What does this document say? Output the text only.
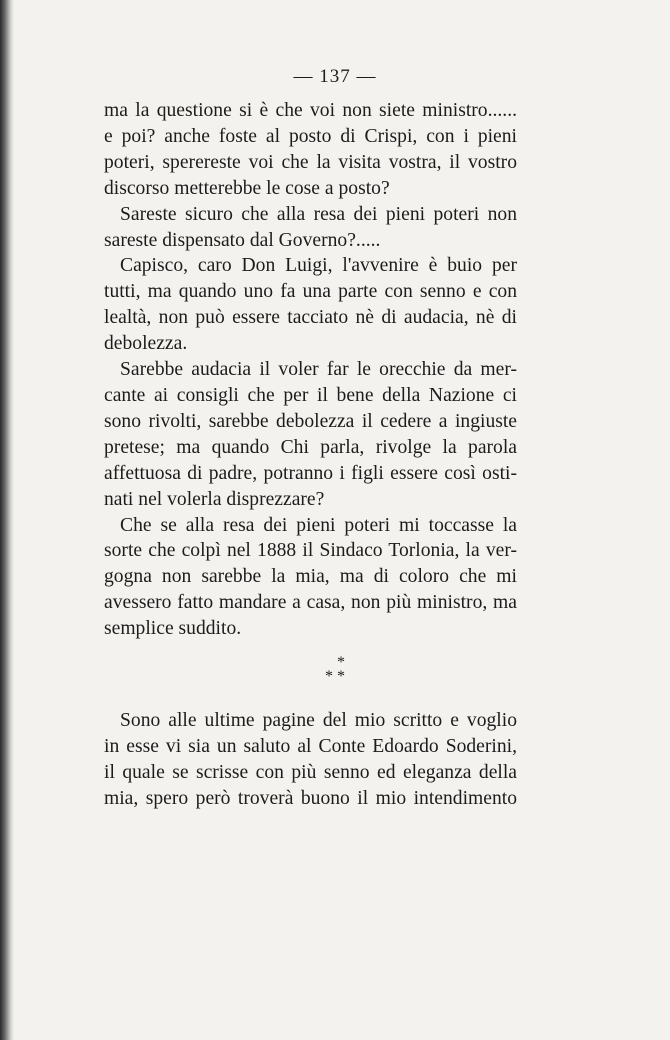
— 137 —
ma la questione si è che voi non siete ministro......
e poi? anche foste al posto di Crispi, con i pieni
poteri, sperereste voi che la visita vostra, il vostro
discorso metterebbe le cose a posto?
Sareste sicuro che alla resa dei pieni poteri non
sareste dispensato dal Governo?.....
Capisco, caro Don Luigi, l'avvenire è buio per
tutti, ma quando uno fa una parte con senno e con
lealtà, non può essere tacciato nè di audacia, nè di
debolezza.
Sarebbe audacia il voler far le orecchie da mer-
cante ai consigli che per il bene della Nazione ci
sono rivolti, sarebbe debolezza il cedere a ingiuste
pretese; ma quando Chi parla, rivolge la parola
affettuosa di padre, potranno i figli essere così osti-
nati nel volerla disprezzare?
Che se alla resa dei pieni poteri mi toccasse la
sorte che colpì nel 1888 il Sindaco Torlonia, la ver-
gogna non sarebbe la mia, ma di coloro che mi
avessero fatto mandare a casa, non più ministro, ma
semplice suddito.
*
* *
Sono alle ultime pagine del mio scritto e voglio
in esse vi sia un saluto al Conte Edoardo Soderini,
il quale se scrisse con più senno ed eleganza della
mia, spero però troverà buono il mio intendimento
